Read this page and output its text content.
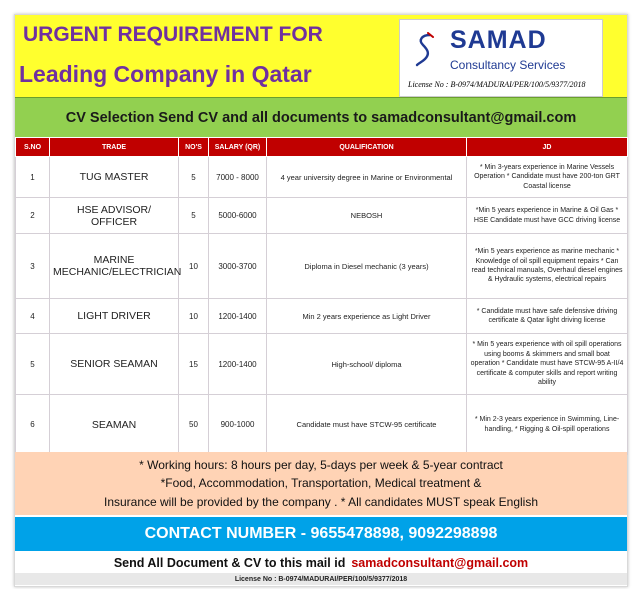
URGENT REQUIREMENT FOR
Leading Company in Qatar
SAMAD
Consultancy Services
License No : B-0974/MADURAI/PER/100/5/9377/2018
CV Selection Send CV and all documents to samadconsultant@gmail.com
S.NO	TRADE	NO'S	SALARY (QR)	QUALIFICATION	JD
1	TUG MASTER	5	7000 - 8000	4 year university degree in Marine or Environmental	* Min 3-years experience in Marine Vessels Operation * Candidate must have 200-ton GRT Coastal license
2	HSE ADVISOR/ OFFICER	5	5000-6000	NEBOSH	*Min 5 years experience in Marine & Oil Gas * HSE Candidate must have GCC driving license
3	MARINE MECHANIC/ELECTRICIAN	10	3000-3700	Diploma in Diesel mechanic (3 years)	*Min 5 years experience as marine mechanic * Knowledge of oil spill equipment repairs * Can read technical manuals, Overhaul diesel engines & Hydraulic systems, electrical repairs
4	LIGHT DRIVER	10	1200-1400	Min 2 years experience as Light Driver	* Candidate must have safe defensive driving certificate & Qatar light driving license
5	SENIOR SEAMAN	15	1200-1400	High-school/ diploma	* Min 5 years experience with oil spill operations using booms & skimmers and small boat operation * Candidate must have STCW-95 A-II/4 certificate & computer skills and report writing ability
6	SEAMAN	50	900-1000	Candidate must have STCW-95 certificate	* Min 2-3 years experience in Swimming, Line-handling, * Rigging & Oil-spill operations
* Working hours: 8 hours per day, 5-days per week & 5-year contract
*Food, Accommodation, Transportation, Medical treatment &
Insurance will be provided by the company . * All candidates MUST speak English
CONTACT NUMBER - 9655478898, 9092298898
Send All Document & CV to this mail id samadconsultant@gmail.com
License No : B-0974/MADURAI/PER/100/5/9377/2018
